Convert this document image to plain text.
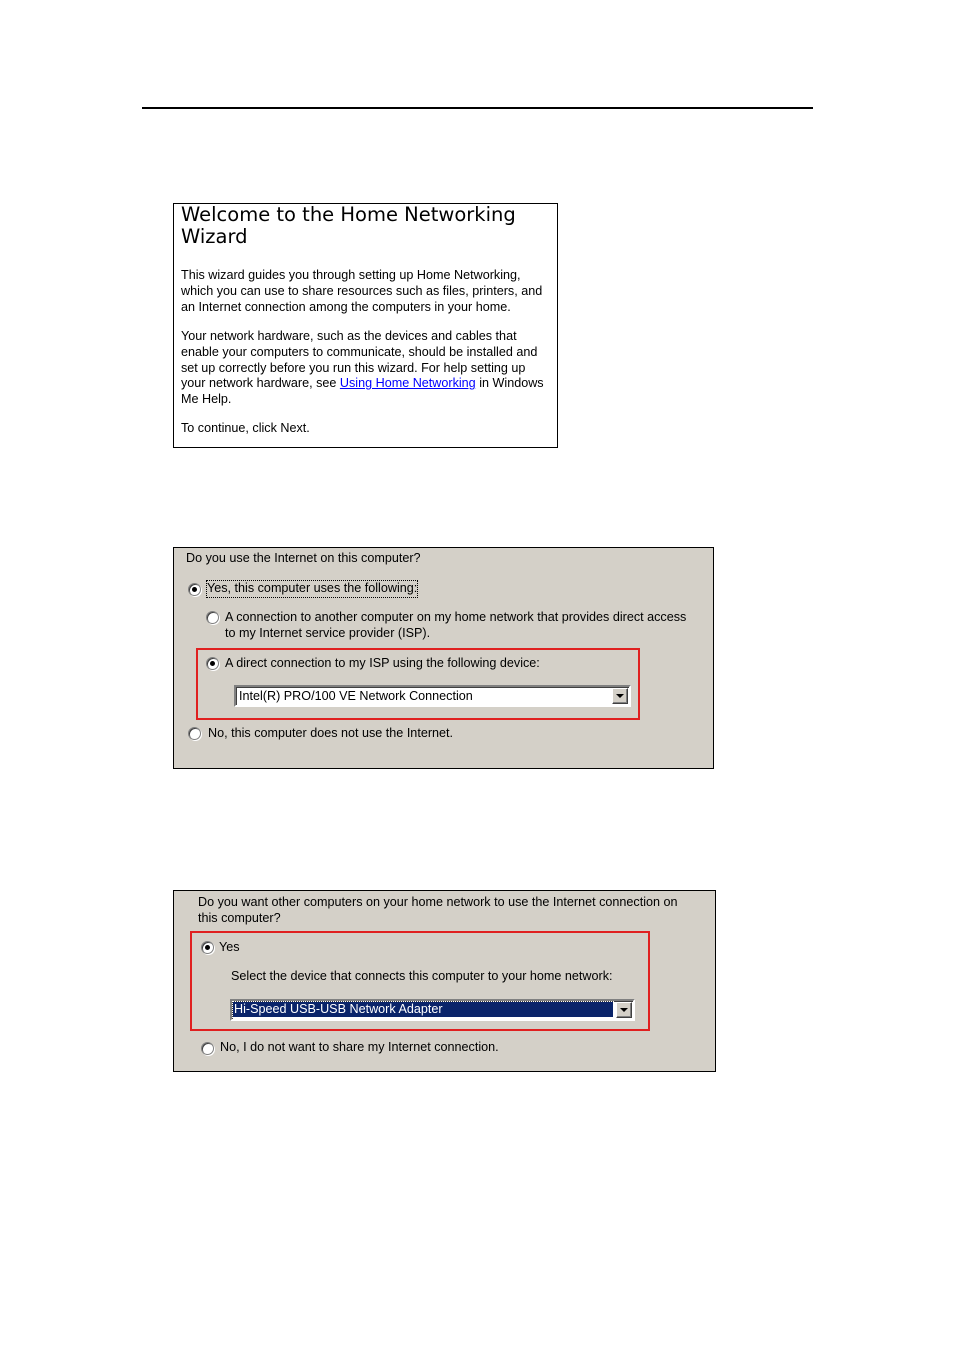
Welcome to the Home Networking Wizard

This wizard guides you through setting up Home Networking, which you can use to share resources such as files, printers, and an Internet connection among the computers in your home.

Your network hardware, such as the devices and cables that enable your computers to communicate, should be installed and set up correctly before you run this wizard. For help setting up your network hardware, see Using Home Networking in Windows Me Help.

To continue, click Next.

Do you use the Internet on this computer?

Yes, this computer uses the following:

A connection to another computer on my home network that provides direct access

to my Internet service provider (ISP).

A direct connection to my ISP using the following device:

Intel(R) PRO/100 VE Network Connection

No, this computer does not use the Internet.

Do you want other computers on your home network to use the Internet connection on

this computer?

Yes

Select the device that connects this computer to your home network:

Hi-Speed USB-USB Network Adapter

No, I do not want to share my Internet connection.
